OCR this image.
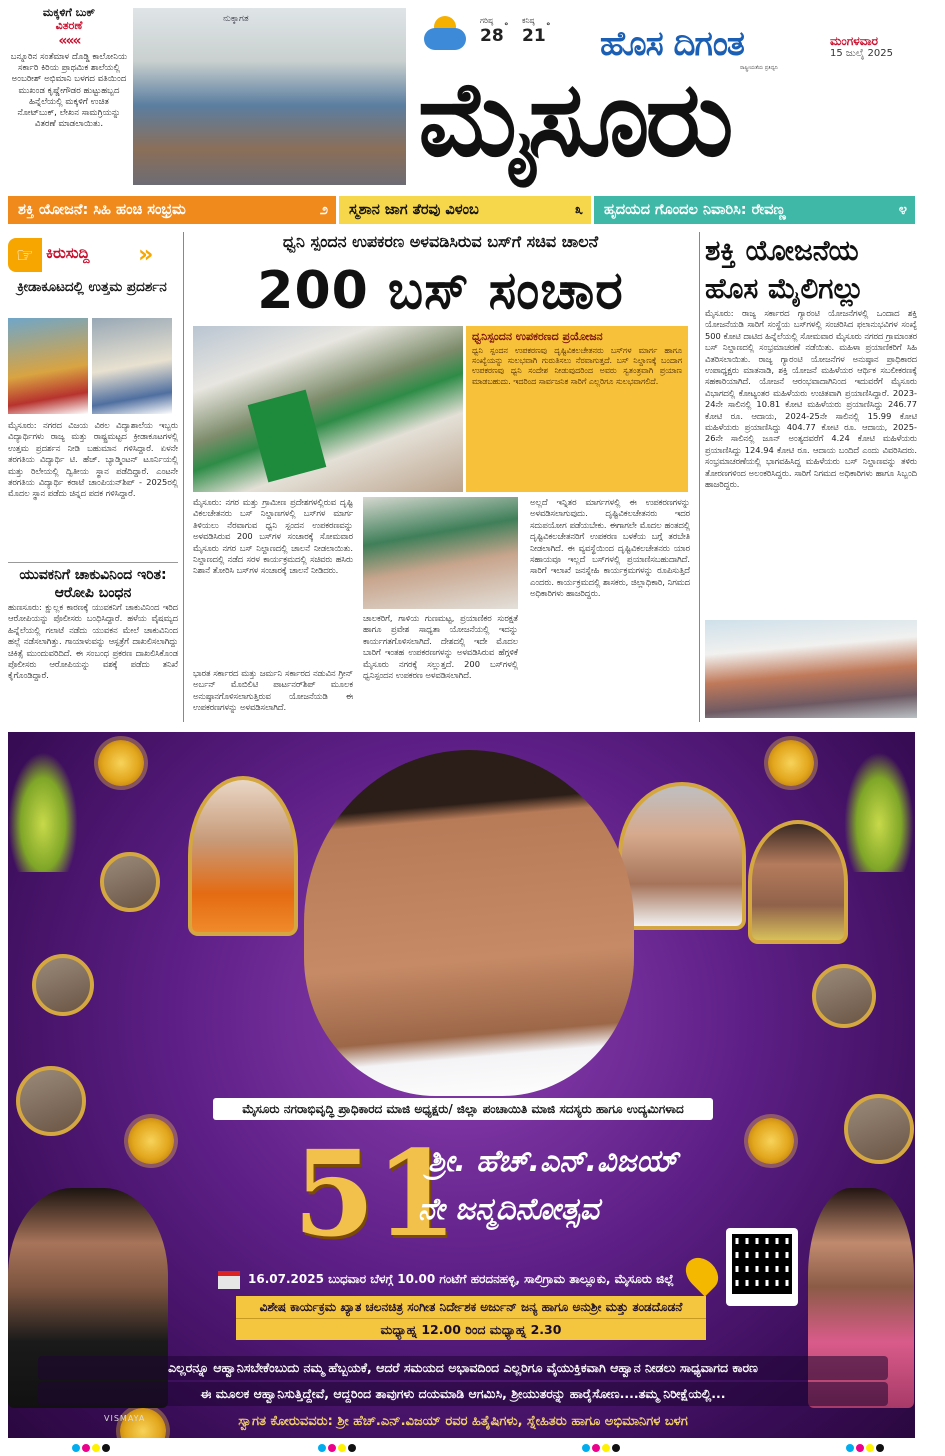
ಮಕ್ಕಳಿಗೆ ಬುಕ್
ವಿತರಣೆ
«««
ಬನ್ನೂರಿನ ಸಂತೆಮಾಳ ದೊಡ್ಡಿ ಕಾಲೋನಿಯ ಸರ್ಕಾರಿ ಕಿರಿಯ ಪ್ರಾಥಮಿಕ ಶಾಲೆಯಲ್ಲಿ ಅಂಬರೀಶ್ ಅಭಿಮಾನಿ ಬಳಗದ ವತಿಯಿಂದ ಮುಖಂಡ ಕೃಷ್ಣೇಗೌಡರ ಹುಟ್ಟುಹಬ್ಬದ ಹಿನ್ನೆಲೆಯಲ್ಲಿ ಮಕ್ಕಳಿಗೆ ಉಚಿತ ನೋಟ್‌ಬುಕ್, ಲೇಖನ ಸಾಮಗ್ರಿಯನ್ನು ವಿತರಣೆ ಮಾಡಲಾಯಿತು.
ನುಕ್ಕಾಗತ	ಗರಿಷ್ಠ
28 °
ಕನಿಷ್ಠ
21 ° ಹೊಸ ದಿಗಂತ
ರಾಷ್ಟ್ರೀಯತೆಯ ಪ್ರತಿಧ್ವನಿ
ಮಂಗಳವಾರ
15 ಜುಲೈ 2025
ಮೈಸೂರು
ಶಕ್ತಿ ಯೋಜನೆ: ಸಿಹಿ ಹಂಚಿ ಸಂಭ್ರಮ	೨	ಸ್ಮಶಾನ ಜಾಗ ತೆರವು ವಿಳಂಬ	೩	ಹೃದಯದ ಗೊಂದಲ ನಿವಾರಿಸಿ: ರೇವಣ್ಣ	೪
☞ ಕಿರುಸುದ್ದಿ »
ಕ್ರೀಡಾಕೂಟದಲ್ಲಿ ಉತ್ತಮ ಪ್ರದರ್ಶನ
ಮೈಸೂರು: ನಗರದ ವಿಜಯ ವಿಠಲ ವಿದ್ಯಾಶಾಲೆಯ ಇಬ್ಬರು ವಿದ್ಯಾರ್ಥಿಗಳು ರಾಜ್ಯ ಮತ್ತು ರಾಷ್ಟ್ರಮಟ್ಟದ ಕ್ರೀಡಾಕೂಟಗಳಲ್ಲಿ ಉತ್ತಮ ಪ್ರದರ್ಶನ ನೀಡಿ ಬಹುಮಾನ ಗಳಿಸಿದ್ದಾರೆ. ಏಳನೇ ತರಗತಿಯ ವಿದ್ಯಾರ್ಥಿ ಟಿ. ಹೆಚ್. ಬ್ಯಾಡ್ಮಿಂಟನ್ ಟೂರ್ನಿಯಲ್ಲಿ ಮತ್ತು ರಿಲೇಯಲ್ಲಿ ದ್ವಿತೀಯ ಸ್ಥಾನ ಪಡೆದಿದ್ದಾರೆ. ಎಂಟನೇ ತರಗತಿಯ ವಿದ್ಯಾರ್ಥಿ ಕರಾಟೆ ಚಾಂಪಿಯನ್‌ಶಿಪ್ - 2025ರಲ್ಲಿ ಮೊದಲ ಸ್ಥಾನ ಪಡೆದು ಚಿನ್ನದ ಪದಕ ಗಳಿಸಿದ್ದಾರೆ.
ಯುವಕನಿಗೆ ಚಾಕುವಿನಿಂದ ಇರಿತ: ಆರೋಪಿ ಬಂಧನ
ಹುಣಸೂರು: ಕ್ಷುಲ್ಲಕ ಕಾರಣಕ್ಕೆ ಯುವಕನಿಗೆ ಚಾಕುವಿನಿಂದ ಇರಿದ ಆರೋಪಿಯನ್ನು ಪೊಲೀಸರು ಬಂಧಿಸಿದ್ದಾರೆ. ಹಳೆಯ ವೈಷಮ್ಯದ ಹಿನ್ನೆಲೆಯಲ್ಲಿ ಗಲಾಟೆ ನಡೆದು ಯುವಕನ ಮೇಲೆ ಚಾಕುವಿನಿಂದ ಹಲ್ಲೆ ನಡೆಸಲಾಗಿತ್ತು. ಗಾಯಾಳುವನ್ನು ಆಸ್ಪತ್ರೆಗೆ ದಾಖಲಿಸಲಾಗಿದ್ದು ಚಿಕಿತ್ಸೆ ಮುಂದುವರಿದಿದೆ. ಈ ಸಂಬಂಧ ಪ್ರಕರಣ ದಾಖಲಿಸಿಕೊಂಡ ಪೊಲೀಸರು ಆರೋಪಿಯನ್ನು ವಶಕ್ಕೆ ಪಡೆದು ತನಿಖೆ ಕೈಗೊಂಡಿದ್ದಾರೆ.
ಧ್ವನಿ ಸ್ಪಂದನ ಉಪಕರಣ ಅಳವಡಿಸಿರುವ ಬಸ್‌ಗೆ ಸಚಿವ ಚಾಲನೆ
200 ಬಸ್ ಸಂಚಾರ
ಧ್ವನಿಸ್ಪಂದನ ಉಪಕರಣದ ಪ್ರಯೋಜನ
ಧ್ವನಿ ಸ್ಪಂದನ ಉಪಕರಣವು ದೃಷ್ಟಿವಿಕಲಚೇತನರು ಬಸ್‌ಗಳ ಮಾರ್ಗ ಹಾಗೂ ಸಂಖ್ಯೆಯನ್ನು ಸುಲಭವಾಗಿ ಗುರುತಿಸಲು ನೆರವಾಗುತ್ತದೆ. ಬಸ್ ನಿಲ್ದಾಣಕ್ಕೆ ಬಂದಾಗ ಉಪಕರಣವು ಧ್ವನಿ ಸಂದೇಶ ನೀಡುವುದರಿಂದ ಅವರು ಸ್ವತಂತ್ರವಾಗಿ ಪ್ರಯಾಣ ಮಾಡಬಹುದು. ಇದರಿಂದ ಸಾರ್ವಜನಿಕ ಸಾರಿಗೆ ಎಲ್ಲರಿಗೂ ಸುಲಭವಾಗಲಿದೆ.
ಮೈಸೂರು: ನಗರ ಮತ್ತು ಗ್ರಾಮೀಣ ಪ್ರದೇಶಗಳಲ್ಲಿರುವ ದೃಷ್ಟಿ ವಿಕಲಚೇತನರು ಬಸ್ ನಿಲ್ದಾಣಗಳಲ್ಲಿ ಬಸ್‌ಗಳ ಮಾರ್ಗ ತಿಳಿಯಲು ನೆರವಾಗುವ ಧ್ವನಿ ಸ್ಪಂದನ ಉಪಕರಣವನ್ನು ಅಳವಡಿಸಿರುವ 200 ಬಸ್‌ಗಳ ಸಂಚಾರಕ್ಕೆ ಸೋಮವಾರ ಮೈಸೂರು ನಗರ ಬಸ್ ನಿಲ್ದಾಣದಲ್ಲಿ ಚಾಲನೆ ನೀಡಲಾಯಿತು. ನಿಲ್ದಾಣದಲ್ಲಿ ನಡೆದ ಸರಳ ಕಾರ್ಯಕ್ರಮದಲ್ಲಿ ಸಚಿವರು ಹಸಿರು ನಿಶಾನೆ ತೋರಿಸಿ ಬಸ್‌ಗಳ ಸಂಚಾರಕ್ಕೆ ಚಾಲನೆ ನೀಡಿದರು.
ಭಾರತ ಸರ್ಕಾರದ ಮತ್ತು ಜರ್ಮನಿ ಸರ್ಕಾರದ ನಡುವಿನ ಗ್ರೀನ್ ಅರ್ಬನ್ ಮೊಬಿಲಿಟಿ ಪಾರ್ಟನರ್‌ಶಿಪ್ ಮೂಲಕ ಅನುಷ್ಠಾನಗೊಳಿಸಲಾಗುತ್ತಿರುವ ಯೋಜನೆಯಡಿ ಈ ಉಪಕರಣಗಳನ್ನು ಅಳವಡಿಸಲಾಗಿದೆ.
ಚಾಲಕರಿಗೆ, ಗಾಳಿಯ ಗುಣಮಟ್ಟ, ಪ್ರಯಾಣಿಕರ ಸುರಕ್ಷತೆ ಹಾಗೂ ಪ್ರವೇಶ ಸಾಧ್ಯತಾ ಯೋಜನೆಯಲ್ಲಿ ಇದನ್ನು ಕಾರ್ಯಗತಗೊಳಿಸಲಾಗಿದೆ. ದೇಶದಲ್ಲಿ ಇದೇ ಮೊದಲ ಬಾರಿಗೆ ಇಂತಹ ಉಪಕರಣಗಳನ್ನು ಅಳವಡಿಸಿರುವ ಹೆಗ್ಗಳಿಕೆ ಮೈಸೂರು ನಗರಕ್ಕೆ ಸಲ್ಲುತ್ತದೆ. 200 ಬಸ್‌ಗಳಲ್ಲಿ ಧ್ವನಿಸ್ಪಂದನ ಉಪಕರಣ ಅಳವಡಿಸಲಾಗಿದೆ.
ಅಲ್ಲದೆ ಇನ್ನಿತರ ಮಾರ್ಗಗಳಲ್ಲಿ ಈ ಉಪಕರಣಗಳನ್ನು ಅಳವಡಿಸಲಾಗುವುದು. ದೃಷ್ಟಿವಿಕಲಚೇತನರು ಇದರ ಸದುಪಯೋಗ ಪಡೆಯಬೇಕು. ಈಗಾಗಲೇ ಮೊದಲ ಹಂತದಲ್ಲಿ ದೃಷ್ಟಿವಿಕಲಚೇತನರಿಗೆ ಉಪಕರಣ ಬಳಕೆಯ ಬಗ್ಗೆ ತರಬೇತಿ ನೀಡಲಾಗಿದೆ. ಈ ವ್ಯವಸ್ಥೆಯಿಂದ ದೃಷ್ಟಿವಿಕಲಚೇತನರು ಯಾರ ಸಹಾಯವೂ ಇಲ್ಲದೆ ಬಸ್‌ಗಳಲ್ಲಿ ಪ್ರಯಾಣಿಸಬಹುದಾಗಿದೆ. ಸಾರಿಗೆ ಇಲಾಖೆ ಜನಸ್ನೇಹಿ ಕಾರ್ಯಕ್ರಮಗಳನ್ನು ರೂಪಿಸುತ್ತಿದೆ ಎಂದರು. ಕಾರ್ಯಕ್ರಮದಲ್ಲಿ ಶಾಸಕರು, ಜಿಲ್ಲಾಧಿಕಾರಿ, ನಿಗಮದ ಅಧಿಕಾರಿಗಳು ಹಾಜರಿದ್ದರು.
ಶಕ್ತಿ ಯೋಜನೆಯ ಹೊಸ ಮೈಲಿಗಲ್ಲು
ಮೈಸೂರು: ರಾಜ್ಯ ಸರ್ಕಾರದ ಗ್ಯಾರಂಟಿ ಯೋಜನೆಗಳಲ್ಲಿ ಒಂದಾದ ಶಕ್ತಿ ಯೋಜನೆಯಡಿ ಸಾರಿಗೆ ಸಂಸ್ಥೆಯ ಬಸ್‌ಗಳಲ್ಲಿ ಸಂಚರಿಸಿದ ಫಲಾನುಭವಿಗಳ ಸಂಖ್ಯೆ 500 ಕೋಟಿ ದಾಟಿದ ಹಿನ್ನೆಲೆಯಲ್ಲಿ ಸೋಮವಾರ ಮೈಸೂರು ನಗರದ ಗ್ರಾಮಾಂತರ ಬಸ್ ನಿಲ್ದಾಣದಲ್ಲಿ ಸಂಭ್ರಮಾಚರಣೆ ನಡೆಯಿತು. ಮಹಿಳಾ ಪ್ರಯಾಣಿಕರಿಗೆ ಸಿಹಿ ವಿತರಿಸಲಾಯಿತು. ರಾಜ್ಯ ಗ್ಯಾರಂಟಿ ಯೋಜನೆಗಳ ಅನುಷ್ಠಾನ ಪ್ರಾಧಿಕಾರದ ಉಪಾಧ್ಯಕ್ಷರು ಮಾತನಾಡಿ, ಶಕ್ತಿ ಯೋಜನೆ ಮಹಿಳೆಯರ ಆರ್ಥಿಕ ಸಬಲೀಕರಣಕ್ಕೆ ಸಹಕಾರಿಯಾಗಿದೆ. ಯೋಜನೆ ಆರಂಭವಾದಾಗಿನಿಂದ ಇದುವರೆಗೆ ಮೈಸೂರು ವಿಭಾಗದಲ್ಲಿ ಕೋಟ್ಯಂತರ ಮಹಿಳೆಯರು ಉಚಿತವಾಗಿ ಪ್ರಯಾಣಿಸಿದ್ದಾರೆ. 2023-24ನೇ ಸಾಲಿನಲ್ಲಿ 10.81 ಕೋಟಿ ಮಹಿಳೆಯರು ಪ್ರಯಾಣಿಸಿದ್ದು 246.77 ಕೋಟಿ ರೂ. ಆದಾಯ, 2024-25ನೇ ಸಾಲಿನಲ್ಲಿ 15.99 ಕೋಟಿ ಮಹಿಳೆಯರು ಪ್ರಯಾಣಿಸಿದ್ದು 404.77 ಕೋಟಿ ರೂ. ಆದಾಯ, 2025-26ನೇ ಸಾಲಿನಲ್ಲಿ ಜೂನ್ ಅಂತ್ಯದವರೆಗೆ 4.24 ಕೋಟಿ ಮಹಿಳೆಯರು ಪ್ರಯಾಣಿಸಿದ್ದು 124.94 ಕೋಟಿ ರೂ. ಆದಾಯ ಬಂದಿದೆ ಎಂದು ವಿವರಿಸಿದರು. ಸಂಭ್ರಮಾಚರಣೆಯಲ್ಲಿ ಭಾಗವಹಿಸಿದ್ದ ಮಹಿಳೆಯರು ಬಸ್ ನಿಲ್ದಾಣವನ್ನು ತಳಿರು ತೋರಣಗಳಿಂದ ಅಲಂಕರಿಸಿದ್ದರು. ಸಾರಿಗೆ ನಿಗಮದ ಅಧಿಕಾರಿಗಳು ಹಾಗೂ ಸಿಬ್ಬಂದಿ ಹಾಜರಿದ್ದರು.
ಮೈಸೂರು ನಗರಾಭಿವೃದ್ಧಿ ಪ್ರಾಧಿಕಾರದ ಮಾಜಿ ಅಧ್ಯಕ್ಷರು/ ಜಿಲ್ಲಾ ಪಂಚಾಯಿತಿ ಮಾಜಿ ಸದಸ್ಯರು ಹಾಗೂ ಉದ್ಯಮಿಗಳಾದ
51
ಶ್ರೀ. ಹೆಚ್.ಎನ್.ವಿಜಯ್
ನೇ ಜನ್ಮದಿನೋತ್ಸವ
16.07.2025 ಬುಧವಾರ ಬೆಳಗ್ಗೆ 10.00 ಗಂಟೆಗೆ ಹರದನಹಳ್ಳಿ, ಸಾಲಿಗ್ರಾಮ ತಾಲ್ಲೂಕು, ಮೈಸೂರು ಜಿಲ್ಲೆ
ವಿಶೇಷ ಕಾರ್ಯಕ್ರಮ ಖ್ಯಾತ ಚಲನಚಿತ್ರ ಸಂಗೀತ ನಿರ್ದೇಶಕ ಅರ್ಜುನ್ ಜನ್ಯ ಹಾಗೂ ಅನುಶ್ರೀ ಮತ್ತು ತಂಡದೊಡನೆ
ಮಧ್ಯಾಹ್ನ 12.00 ರಿಂದ ಮಧ್ಯಾಹ್ನ 2.30
ಎಲ್ಲರನ್ನೂ ಆಹ್ವಾನಿಸಬೇಕೆಂಬುದು ನಮ್ಮ ಹೆಬ್ಬಯಕೆ, ಆದರೆ ಸಮಯದ ಅಭಾವದಿಂದ ಎಲ್ಲರಿಗೂ ವೈಯುಕ್ತಿಕವಾಗಿ ಆಹ್ವಾನ ನೀಡಲು ಸಾಧ್ಯವಾಗದ ಕಾರಣ
ಈ ಮೂಲಕ ಆಹ್ವಾನಿಸುತ್ತಿದ್ದೇವೆ, ಆದ್ದರಿಂದ ತಾವುಗಳು ದಯಮಾಡಿ ಆಗಮಿಸಿ, ಶ್ರೀಯುತರನ್ನು ಹಾರೈಸೋಣ....ತಮ್ಮ ನಿರೀಕ್ಷೆಯಲ್ಲಿ...
ಸ್ವಾಗತ ಕೋರುವವರು: ಶ್ರೀ ಹೆಚ್.ಎನ್.ವಿಜಯ್ ರವರ ಹಿತೈಷಿಗಳು, ಸ್ನೇಹಿತರು ಹಾಗೂ ಅಭಿಮಾನಿಗಳ ಬಳಗ
VISMAYA
